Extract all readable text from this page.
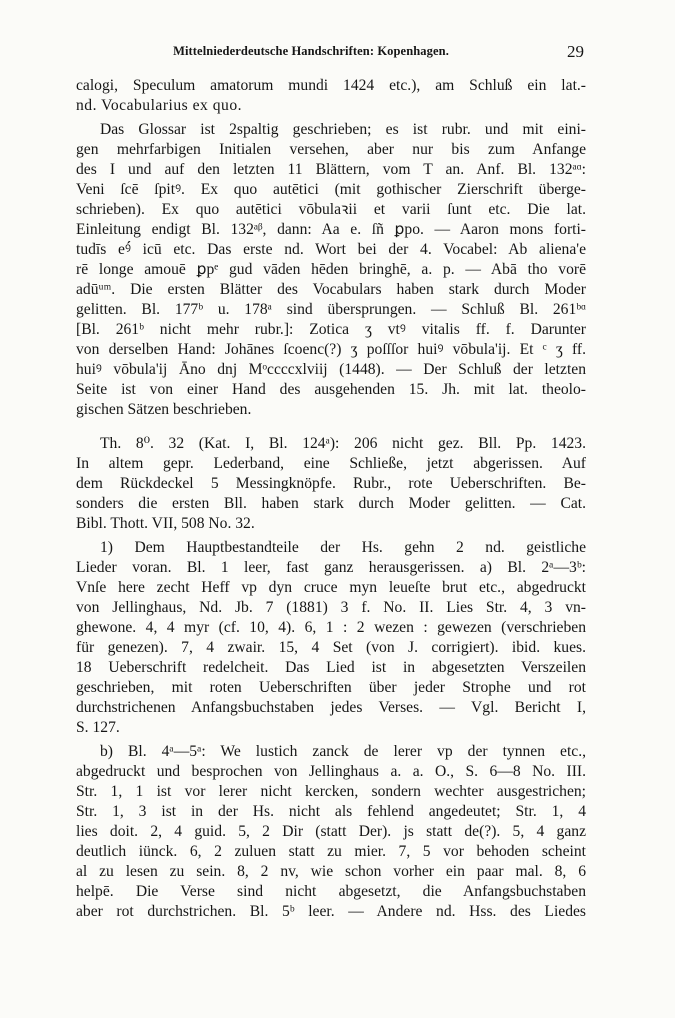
Mittelniederdeutsche Handschriften: Kopenhagen.	29
calogi, Speculum amatorum mundi 1424 etc.), am Schluß ein lat.-
nd. Vocabularius ex quo.
Das Glossar ist 2spaltig geschrieben; es ist rubr. und mit eini-
gen mehrfarbigen Initialen versehen, aber nur bis zum Anfange
des I und auf den letzten 11 Blättern, vom T an. Anf. Bl. 132ᵃᵅ:
Veni ſcē ſpitꝰ. Ex quo autētici (mit gothischer Zierschrift überge-
schrieben). Ex quo autētici vōbulaꝛii et varii ſunt etc. Die lat.
Einleitung endigt Bl. 132ᵃᵝ, dann: Aa e. ſñ ꝑpo. — Aaron mons forti-
tudīs eꝰ́ icū etc. Das erste nd. Wort bei der 4. Vocabel: Ab aliena'e
rē longe amouē ꝑpᵉ gud vāden hēden bringhē, a. p. — Abā tho vorē
adūᵘᵐ. Die ersten Blätter des Vocabulars haben stark durch Moder
gelitten. Bl. 177ᵇ u. 178ᵃ sind übersprungen. — Schluß Bl. 261ᵇᵅ
[Bl. 261ᵇ nicht mehr rubr.]: Zotica ʒ vtꝰ vitalis ff. f. Darunter
von derselben Hand: Johānes ſcoenc(?) ʒ poſſſor huiꝰ vōbula'ij. Et ᶜ ʒ ff.
huiꝰ vōbula'ij Āno dnj Mᵒccccxlviij (1448). — Der Schluß der letzten
Seite ist von einer Hand des ausgehenden 15. Jh. mit lat. theolo-
gischen Sätzen beschrieben.
Th. 8⁰. 32 (Kat. I, Bl. 124ᵃ): 206 nicht gez. Bll. Pp. 1423.
In altem gepr. Lederband, eine Schließe, jetzt abgerissen. Auf
dem Rückdeckel 5 Messingknöpfe. Rubr., rote Ueberschriften. Be-
sonders die ersten Bll. haben stark durch Moder gelitten. — Cat.
Bibl. Thott. VII, 508 No. 32.
1) Dem Hauptbestandteile der Hs. gehn 2 nd. geistliche
Lieder voran. Bl. 1 leer, fast ganz herausgerissen. a) Bl. 2ᵃ—3ᵇ:
Vnſe here zecht Heff vp dyn cruce myn leueſte brut etc., abgedruckt
von Jellinghaus, Nd. Jb. 7 (1881) 3 f. No. II. Lies Str. 4, 3 vn-
ghewone. 4, 4 myr (cf. 10, 4). 6, 1 : 2 wezen : gewezen (verschrieben
für genezen). 7, 4 zwair. 15, 4 Set (von J. corrigiert). ibid. kues.
18 Ueberschrift redelcheit. Das Lied ist in abgesetzten Verszeilen
geschrieben, mit roten Ueberschriften über jeder Strophe und rot
durchstrichenen Anfangsbuchstaben jedes Verses. — Vgl. Bericht I,
S. 127.
b) Bl. 4ᵃ—5ᵃ: We lustich zanck de lerer vp der tynnen etc.,
abgedruckt und besprochen von Jellinghaus a. a. O., S. 6—8 No. III.
Str. 1, 1 ist vor lerer nicht kercken, sondern wechter ausgestrichen;
Str. 1, 3 ist in der Hs. nicht als fehlend angedeutet; Str. 1, 4
lies doit. 2, 4 guid. 5, 2 Dir (statt Der). js statt de(?). 5, 4 ganz
deutlich iünck. 6, 2 zuluen statt zu mier. 7, 5 vor behoden scheint
al zu lesen zu sein. 8, 2 nv, wie schon vorher ein paar mal. 8, 6
helpē. Die Verse sind nicht abgesetzt, die Anfangsbuchstaben
aber rot durchstrichen. Bl. 5ᵇ leer. — Andere nd. Hss. des Liedes
